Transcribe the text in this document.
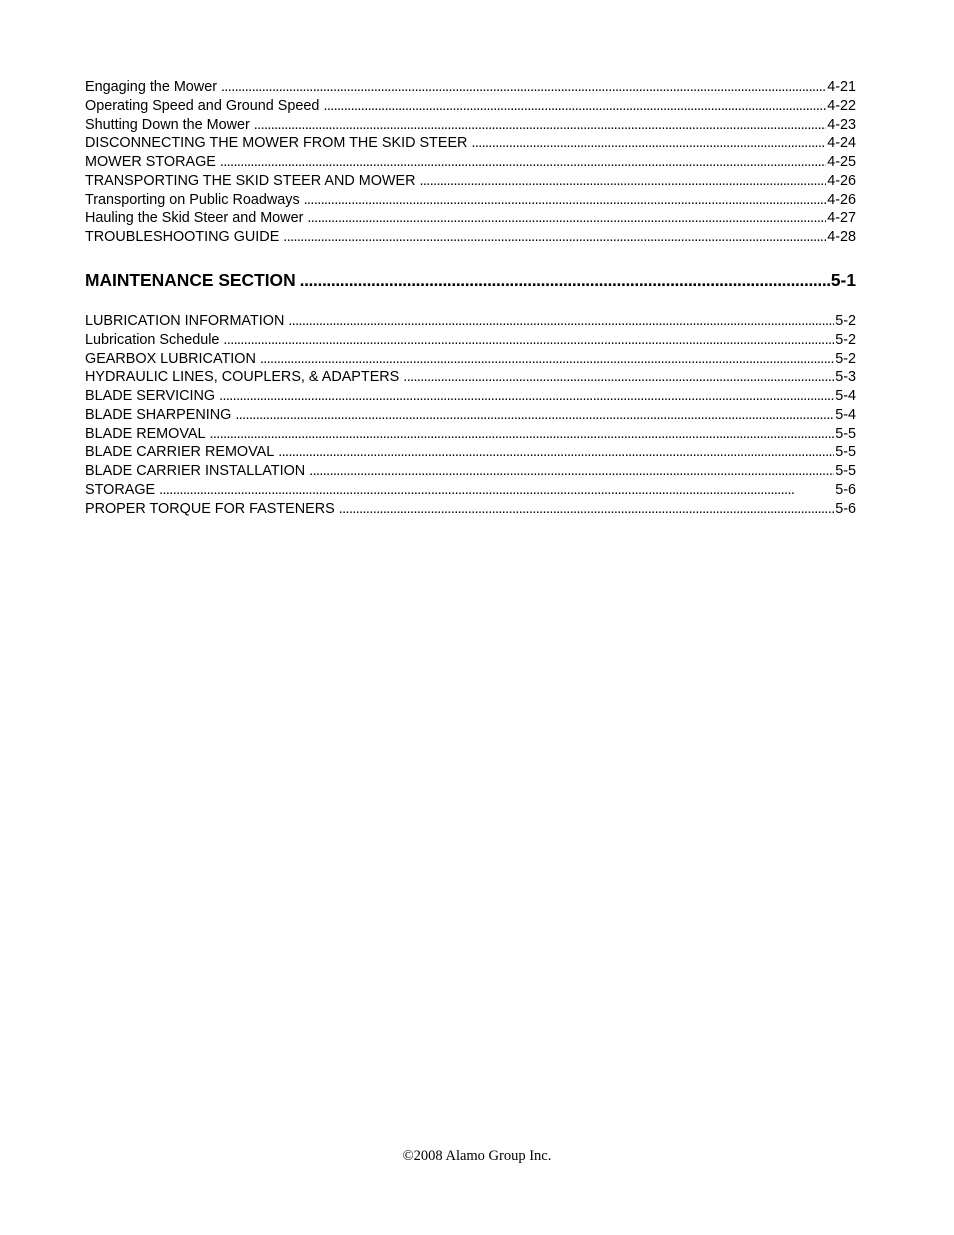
Engaging the Mower . . .	4-21
Operating Speed and Ground Speed . . .	4-22
Shutting Down the Mower . . .	4-23
DISCONNECTING THE MOWER FROM THE SKID STEER . . .	4-24
MOWER STORAGE . . .	4-25
TRANSPORTING THE SKID STEER AND MOWER . . .	4-26
Transporting on Public Roadways . . .	4-26
Hauling the Skid Steer and Mower . . .	4-27
TROUBLESHOOTING GUIDE . . .	4-28
MAINTENANCE SECTION . . .	5-1
LUBRICATION INFORMATION . . .	5-2
Lubrication Schedule . . .	5-2
GEARBOX LUBRICATION . . .	5-2
HYDRAULIC LINES, COUPLERS, & ADAPTERS . . .	5-3
BLADE SERVICING . . .	5-4
BLADE SHARPENING . . .	5-4
BLADE REMOVAL . . .	5-5
BLADE CARRIER REMOVAL . . .	5-5
BLADE CARRIER INSTALLATION . . .	5-5
STORAGE . . .	5-6
PROPER TORQUE FOR FASTENERS . . .	5-6
©2008 Alamo Group Inc.
